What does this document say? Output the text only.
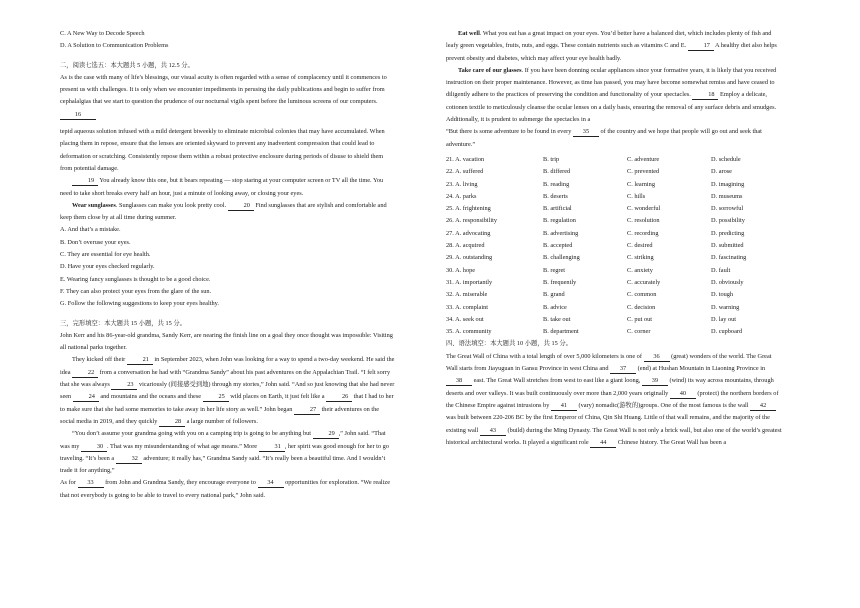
C. A New Way to Decode Speech

D. A Solution to Communication Problems

二，阅读七选五：本大题共 5 小题，共 12.5 分。

As is the case with many of life's blessings, our visual acuity is often regarded with a sense of complacency until it commences to present us with challenges. It is only when we encounter impediments in perusing the daily publications and begin to suffer from cephalalgias that we start to question the prudence of our nocturnal vigils spent before the luminous screens of our computers.16

tepid aqueous solution infused with a mild detergent biweekly to eliminate microbial colonies that may have accumulated. When placing them in repose, ensure that the lenses are oriented skyward to prevent any inadvertent compression that could lead to deformation or scratching. Consistently repose them within a robust protective enclosure during periods of disuse to shield them from potential damage.

19 You already know this one, but it bears repeating — stop staring at your computer screen or TV all the time. You need to take short breaks every half an hour, just a minute of looking away, or closing your eyes.

Wear sunglasses. Sunglasses can make you look pretty cool.	20 Find sunglasses that are stylish and comfortable and keep them close by at all time during summer.

A. And that’s a mistake.

B. Don’t overuse your eyes.

C. They are essential for eye health.

D. Have your eyes checked regularly.

E. Wearing fancy sunglasses is thought to be a good choice.

F. They can also protect your eyes from the glare of the sun.

G. Follow the following suggestions to keep your eyes healthy.

三，完形填空：本大题共 15 小题，共 15 分。

John Kerr and his 86-year-old grandma, Sandy Kerr, are nearing the finish line on a goal they once thought was impossible: Visiting all national parks together.

They kicked off their	21 in September 2023, when John was looking for a way to spend a two-day weekend. He said the idea	22 from a conversation he had with “Grandma Sandy” about his past adventures on the Appalachian Trail. “I felt sorry that she was always	23 vicariously (间接感受到地) through my stories,” John said. “And so just knowing that she had never seen	24 and mountains and the oceans and these	25 wild places on Earth, it just felt like a	26 that I had to her to make sure that she had some memories to take away in her life story as well.” John began	27 their adventures on the social media in 2019, and they quickly	28 a large number of followers.

“You don’t assume your grandma going with you on a camping trip is going to be anything but	29 ,” John said. “That was my	30 . That was my misunderstanding of what age means.” More	31 , her spirit was good enough for her to go traveling. “It’s been a	32 adventure; it really has,” Grandma Sandy said. “It’s really been a beautiful time. And I wouldn’t trade it for anything,”

As for 33 from John and Grandma Sandy, they encourage everyone to 34 opportunities for exploration. “We realize that not everybody is going to be able to travel to every national park,” John said.

Eat well. What you eat has a great impact on your eyes. You’d better have a balanced diet, which includes plenty of fish and leafy green vegetables, fruits, nuts, and eggs. These contain nutrients such as vitamins C and E.	17 A healthy diet also helps prevent obesity and diabetes, which may affect your eye health badly.

Take care of our glasses. If you have been donning ocular appliances since your formative years, it is likely that you received instruction on their proper maintenance. However, as time has passed, you may have become somewhat remiss and have ceased to diligently adhere to the practices of preserving the condition and functionality of your spectacles.	18 Employ a delicate, cottonen textile to meticulously cleanse the ocular lenses on a daily basis, ensuring the removal of any surface debris and smudges. Additionally, it is prudent to submerge the spectacles in a

“But there is some adventure to be found in every 35 of the country and we hope that people will go out and seek that adventure.”

21. A. vacation	B. trip	C. adventure	D. schedule
22. A. suffered	B. differed	C. prevented	D. arose
23. A. living	B. reading	C. learning	D. imagining
24. A. parks	B. deserts	C. hills	D. museums
25. A. frightening	B. artificial	C. wonderful	D. sorrowful
26. A. responsibility	B. regulation	C. resolution	D. possibility
27. A. advocating	B. advertising	C. recording	D. predicting
28. A. acquired	B. accepted	C. desired	D. submitted
29. A. outstanding	B. challenging	C. striking	D. fascinating
30. A. hope	B. regret	C. anxiety	D. fault
31. A. importantly	B. frequently	C. accurately	D. obviously
32. A. miserable	B. grand	C. common	D. tough
33. A. complaint	B. advice	C. decision	D. warning
34. A. seek out	B. take out	C. put out	D. lay out
35. A. community	B. department	C. corner	D. cupboard

四、语法填空：本大题共 10 小题，共 15 分。

The Great Wall of China with a total length of over 5,000 kilometers is one of 36 (great) wonders of the world. The Great Wall starts from Jiayuguan in Gansu Province in west China and 37 (end) at Hushan Mountain in Liaoning Province in 38 east. The Great Wall stretches from west to east like a giant loong, 39 (wind) its way across mountains, through deserts and over valleys. It was built continuously over more than 2,000 years originally 40 (protect) the northern borders of the Chinese Empire against intrusions by 41 (vary) nomadic(游牧的)groups. One of the most famous is the wall 42 was built between 220-206 BC by the first Emperor of China, Qin Shi Huang. Little of that wall remains, and the majority of the existing wall 43 (build) during the Ming Dynasty. The Great Wall is not only a brick wall, but also one of the world’s greatest historical architectural works. It played a significant role 44 Chinese history. The Great Wall has been a
